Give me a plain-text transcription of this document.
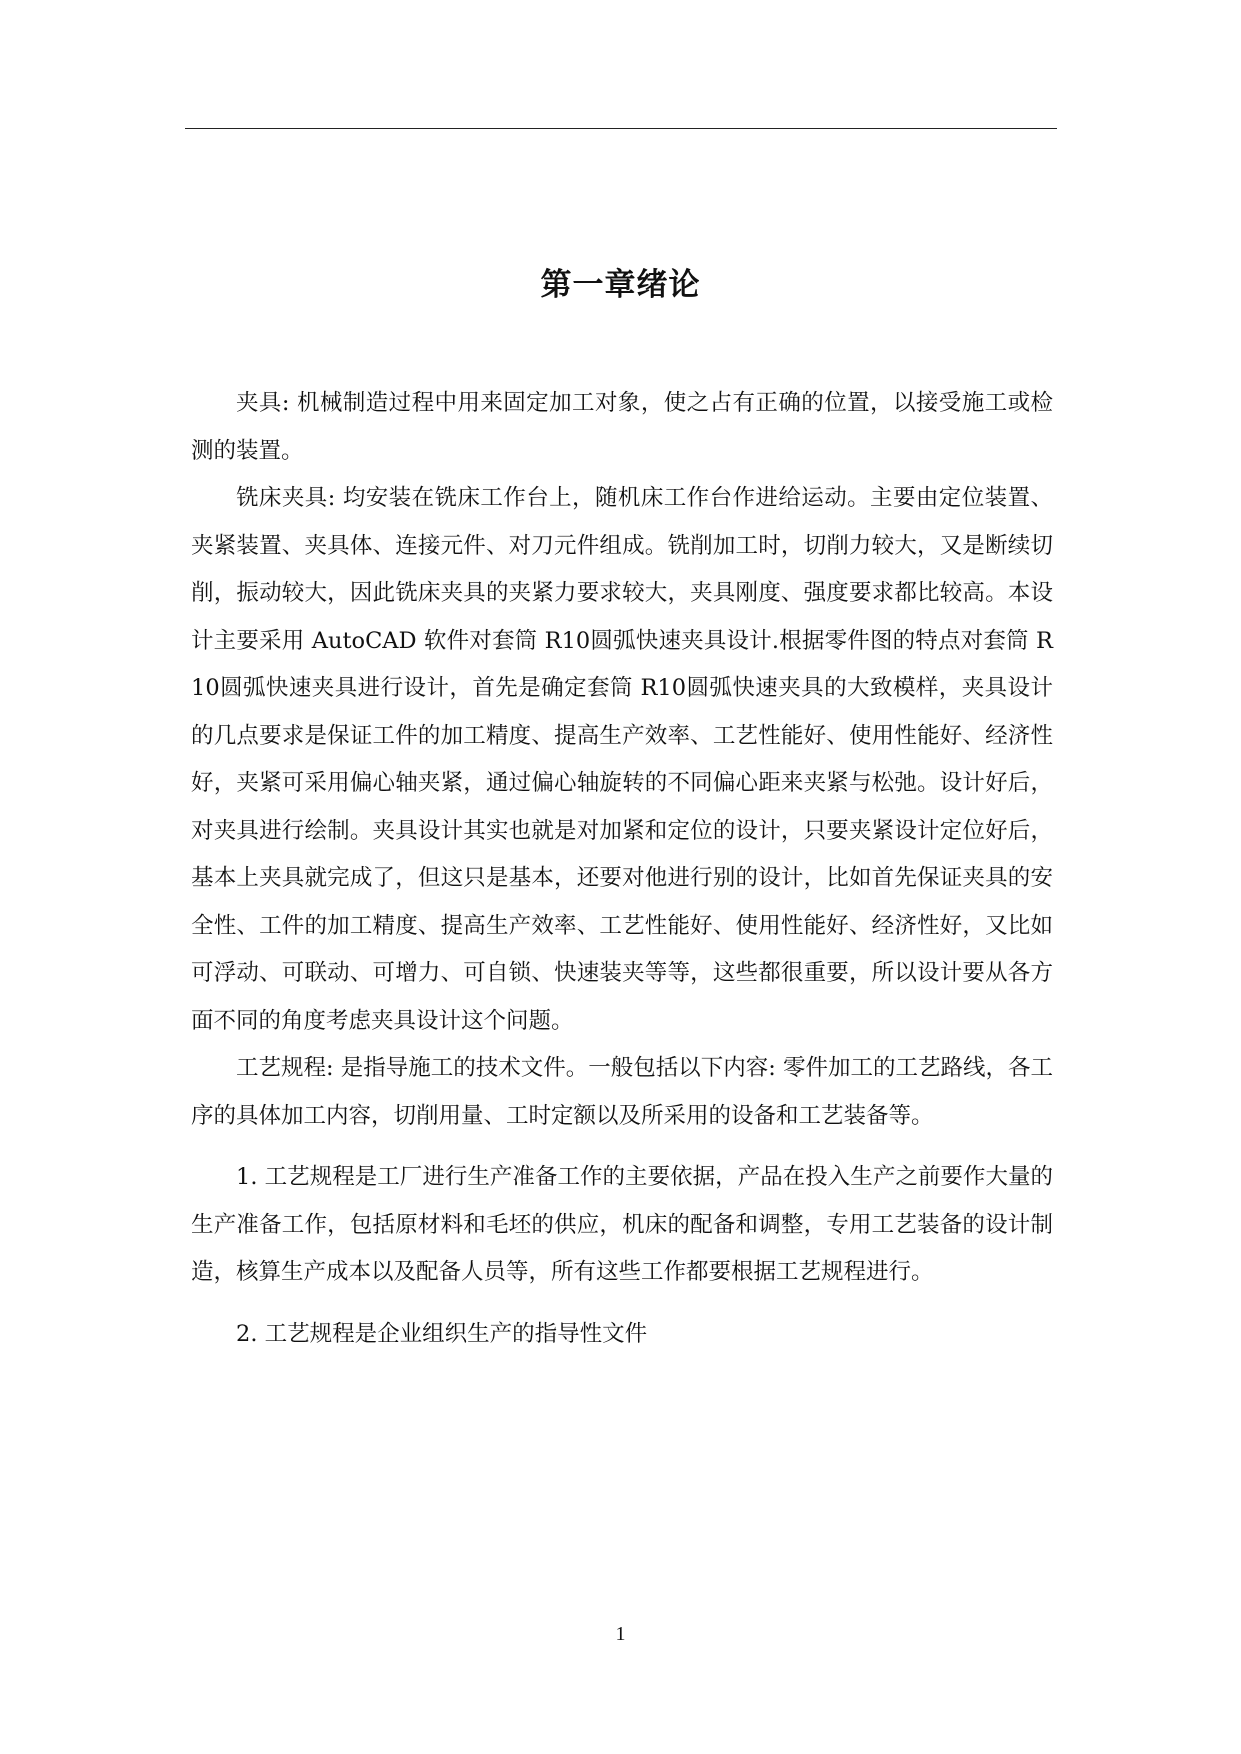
第一章绪论

夹具: 机械制造过程中用来固定加工对象，使之占有正确的位置，以接受施工或检测的装置。

铣床夹具: 均安装在铣床工作台上，随机床工作台作进给运动。主要由定位装置、夹紧装置、夹具体、连接元件、对刀元件组成。铣削加工时，切削力较大，又是断续切削，振动较大，因此铣床夹具的夹紧力要求较大，夹具刚度、强度要求都比较高。本设计主要采用 AutoCAD 软件对套筒 R10圆弧快速夹具设计.根据零件图的特点对套筒 R10圆弧快速夹具进行设计，首先是确定套筒 R10圆弧快速夹具的大致模样，夹具设计的几点要求是保证工件的加工精度、提高生产效率、工艺性能好、使用性能好、经济性好，夹紧可采用偏心轴夹紧，通过偏心轴旋转的不同偏心距来夹紧与松弛。设计好后，对夹具进行绘制。夹具设计其实也就是对加紧和定位的设计，只要夹紧设计定位好后，基本上夹具就完成了，但这只是基本，还要对他进行别的设计，比如首先保证夹具的安全性、工件的加工精度、提高生产效率、工艺性能好、使用性能好、经济性好，又比如可浮动、可联动、可增力、可自锁、快速装夹等等，这些都很重要，所以设计要从各方面不同的角度考虑夹具设计这个问题。

工艺规程: 是指导施工的技术文件。一般包括以下内容: 零件加工的工艺路线，各工序的具体加工内容，切削用量、工时定额以及所采用的设备和工艺装备等。

1. 工艺规程是工厂进行生产准备工作的主要依据，产品在投入生产之前要作大量的生产准备工作，包括原材料和毛坯的供应，机床的配备和调整，专用工艺装备的设计制造，核算生产成本以及配备人员等，所有这些工作都要根据工艺规程进行。

2. 工艺规程是企业组织生产的指导性文件

1
